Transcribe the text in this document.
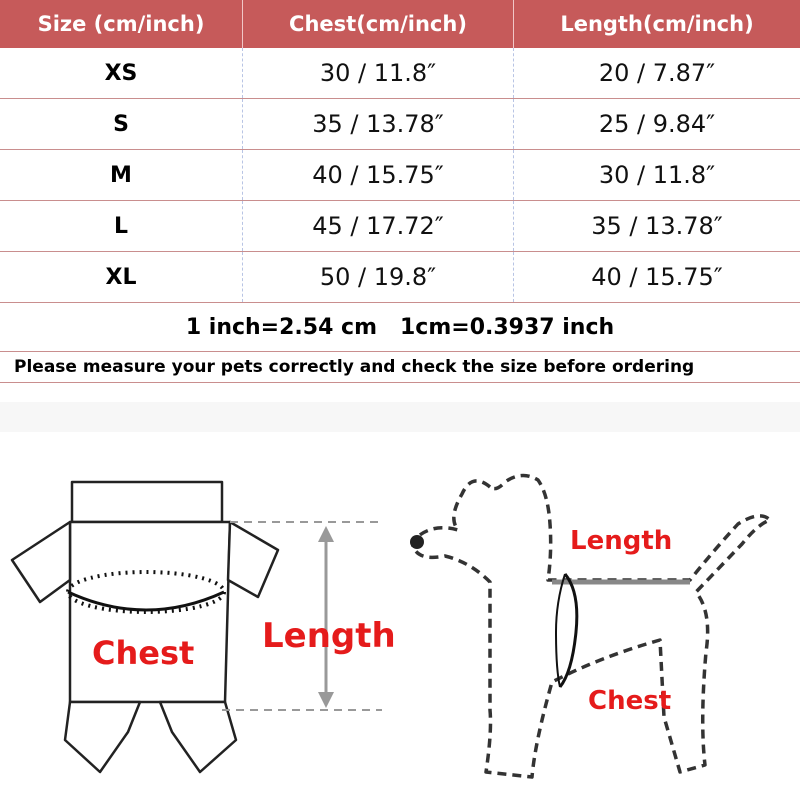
Size (cm/inch)	Chest(cm/inch)	Length(cm/inch)
XS	30 / 11.8″	20 / 7.87″
S	35 / 13.78″	25 / 9.84″
M	40 / 15.75″	30 / 11.8″
L	45 / 17.72″	35 / 13.78″
XL	50 / 19.8″	40 / 15.75″
1 inch=2.54 cm   1cm=0.3937 inch
Please measure your pets correctly and check the size before ordering
Chest Length
Length
Chest
